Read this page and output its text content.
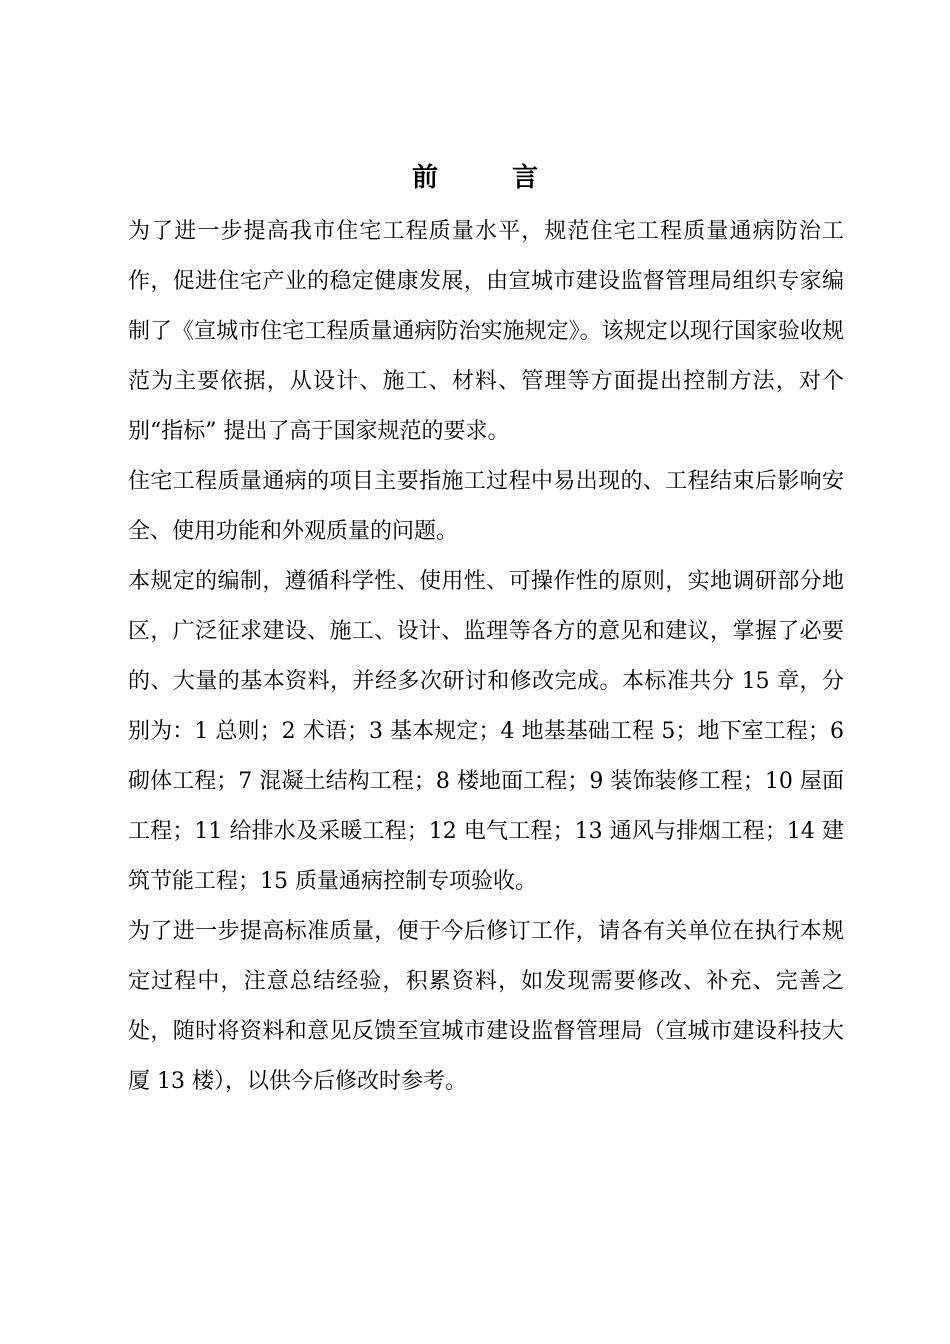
前　言

为了进一步提高我市住宅工程质量水平，规范住宅工程质量通病防治工作，促进住宅产业的稳定健康发展，由宣城市建设监督管理局组织专家编制了《宣城市住宅工程质量通病防治实施规定》。该规定以现行国家验收规范为主要依据，从设计、施工、材料、管理等方面提出控制方法，对个别“指标” 提出了高于国家规范的要求。

住宅工程质量通病的项目主要指施工过程中易出现的、工程结束后影响安全、使用功能和外观质量的问题。

本规定的编制，遵循科学性、使用性、可操作性的原则，实地调研部分地区，广泛征求建设、施工、设计、监理等各方的意见和建议，掌握了必要的、大量的基本资料，并经多次研讨和修改完成。本标准共分 15 章，分别为：1 总则；2 术语；3 基本规定；4 地基基础工程 5；地下室工程；6 砌体工程；7 混凝土结构工程；8 楼地面工程；9 装饰装修工程；10 屋面工程；11 给排水及采暖工程；12 电气工程；13 通风与排烟工程；14 建筑节能工程；15 质量通病控制专项验收。

为了进一步提高标准质量，便于今后修订工作，请各有关单位在执行本规定过程中，注意总结经验，积累资料，如发现需要修改、补充、完善之处，随时将资料和意见反馈至宣城市建设监督管理局（宣城市建设科技大厦 13 楼），以供今后修改时参考。
